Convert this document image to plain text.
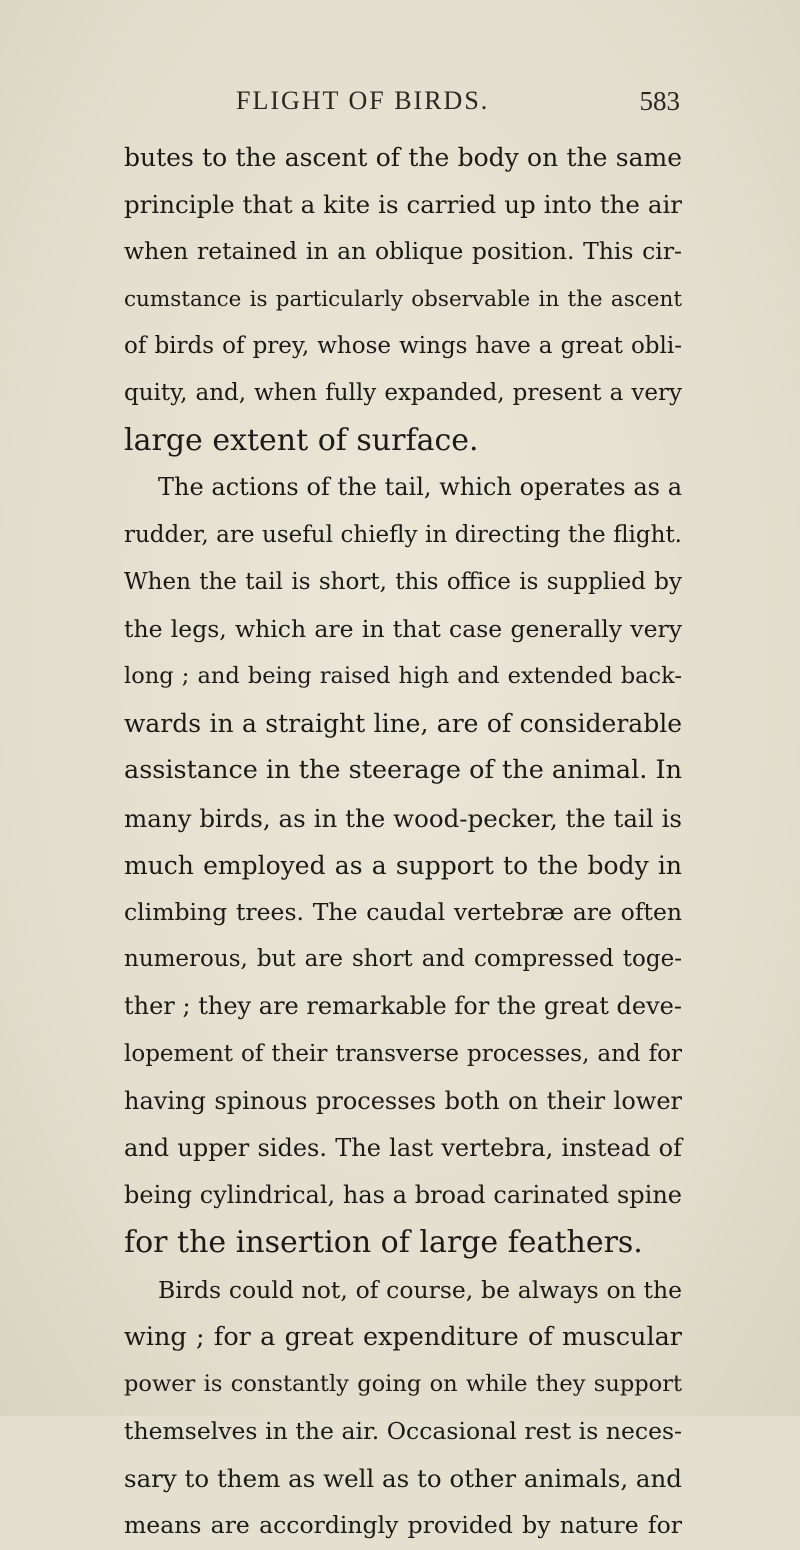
FLIGHT OF BIRDS.	583
butes to the ascent of the body on the same
principle that a kite is carried up into the air
when retained in an oblique position. This cir-
cumstance is particularly observable in the ascent
of birds of prey, whose wings have a great obli-
quity, and, when fully expanded, present a very
large extent of surface.
The actions of the tail, which operates as a
rudder, are useful chiefly in directing the flight.
When the tail is short, this office is supplied by
the legs, which are in that case generally very
long ; and being raised high and extended back-
wards in a straight line, are of considerable
assistance in the steerage of the animal. In
many birds, as in the wood-pecker, the tail is
much employed as a support to the body in
climbing trees. The caudal vertebræ are often
numerous, but are short and compressed toge-
ther ; they are remarkable for the great deve-
lopement of their transverse processes, and for
having spinous processes both on their lower
and upper sides. The last vertebra, instead of
being cylindrical, has a broad carinated spine
for the insertion of large feathers.
Birds could not, of course, be always on the
wing ; for a great expenditure of muscular
power is constantly going on while they support
themselves in the air. Occasional rest is neces-
sary to them as well as to other animals, and
means are accordingly provided by nature for
